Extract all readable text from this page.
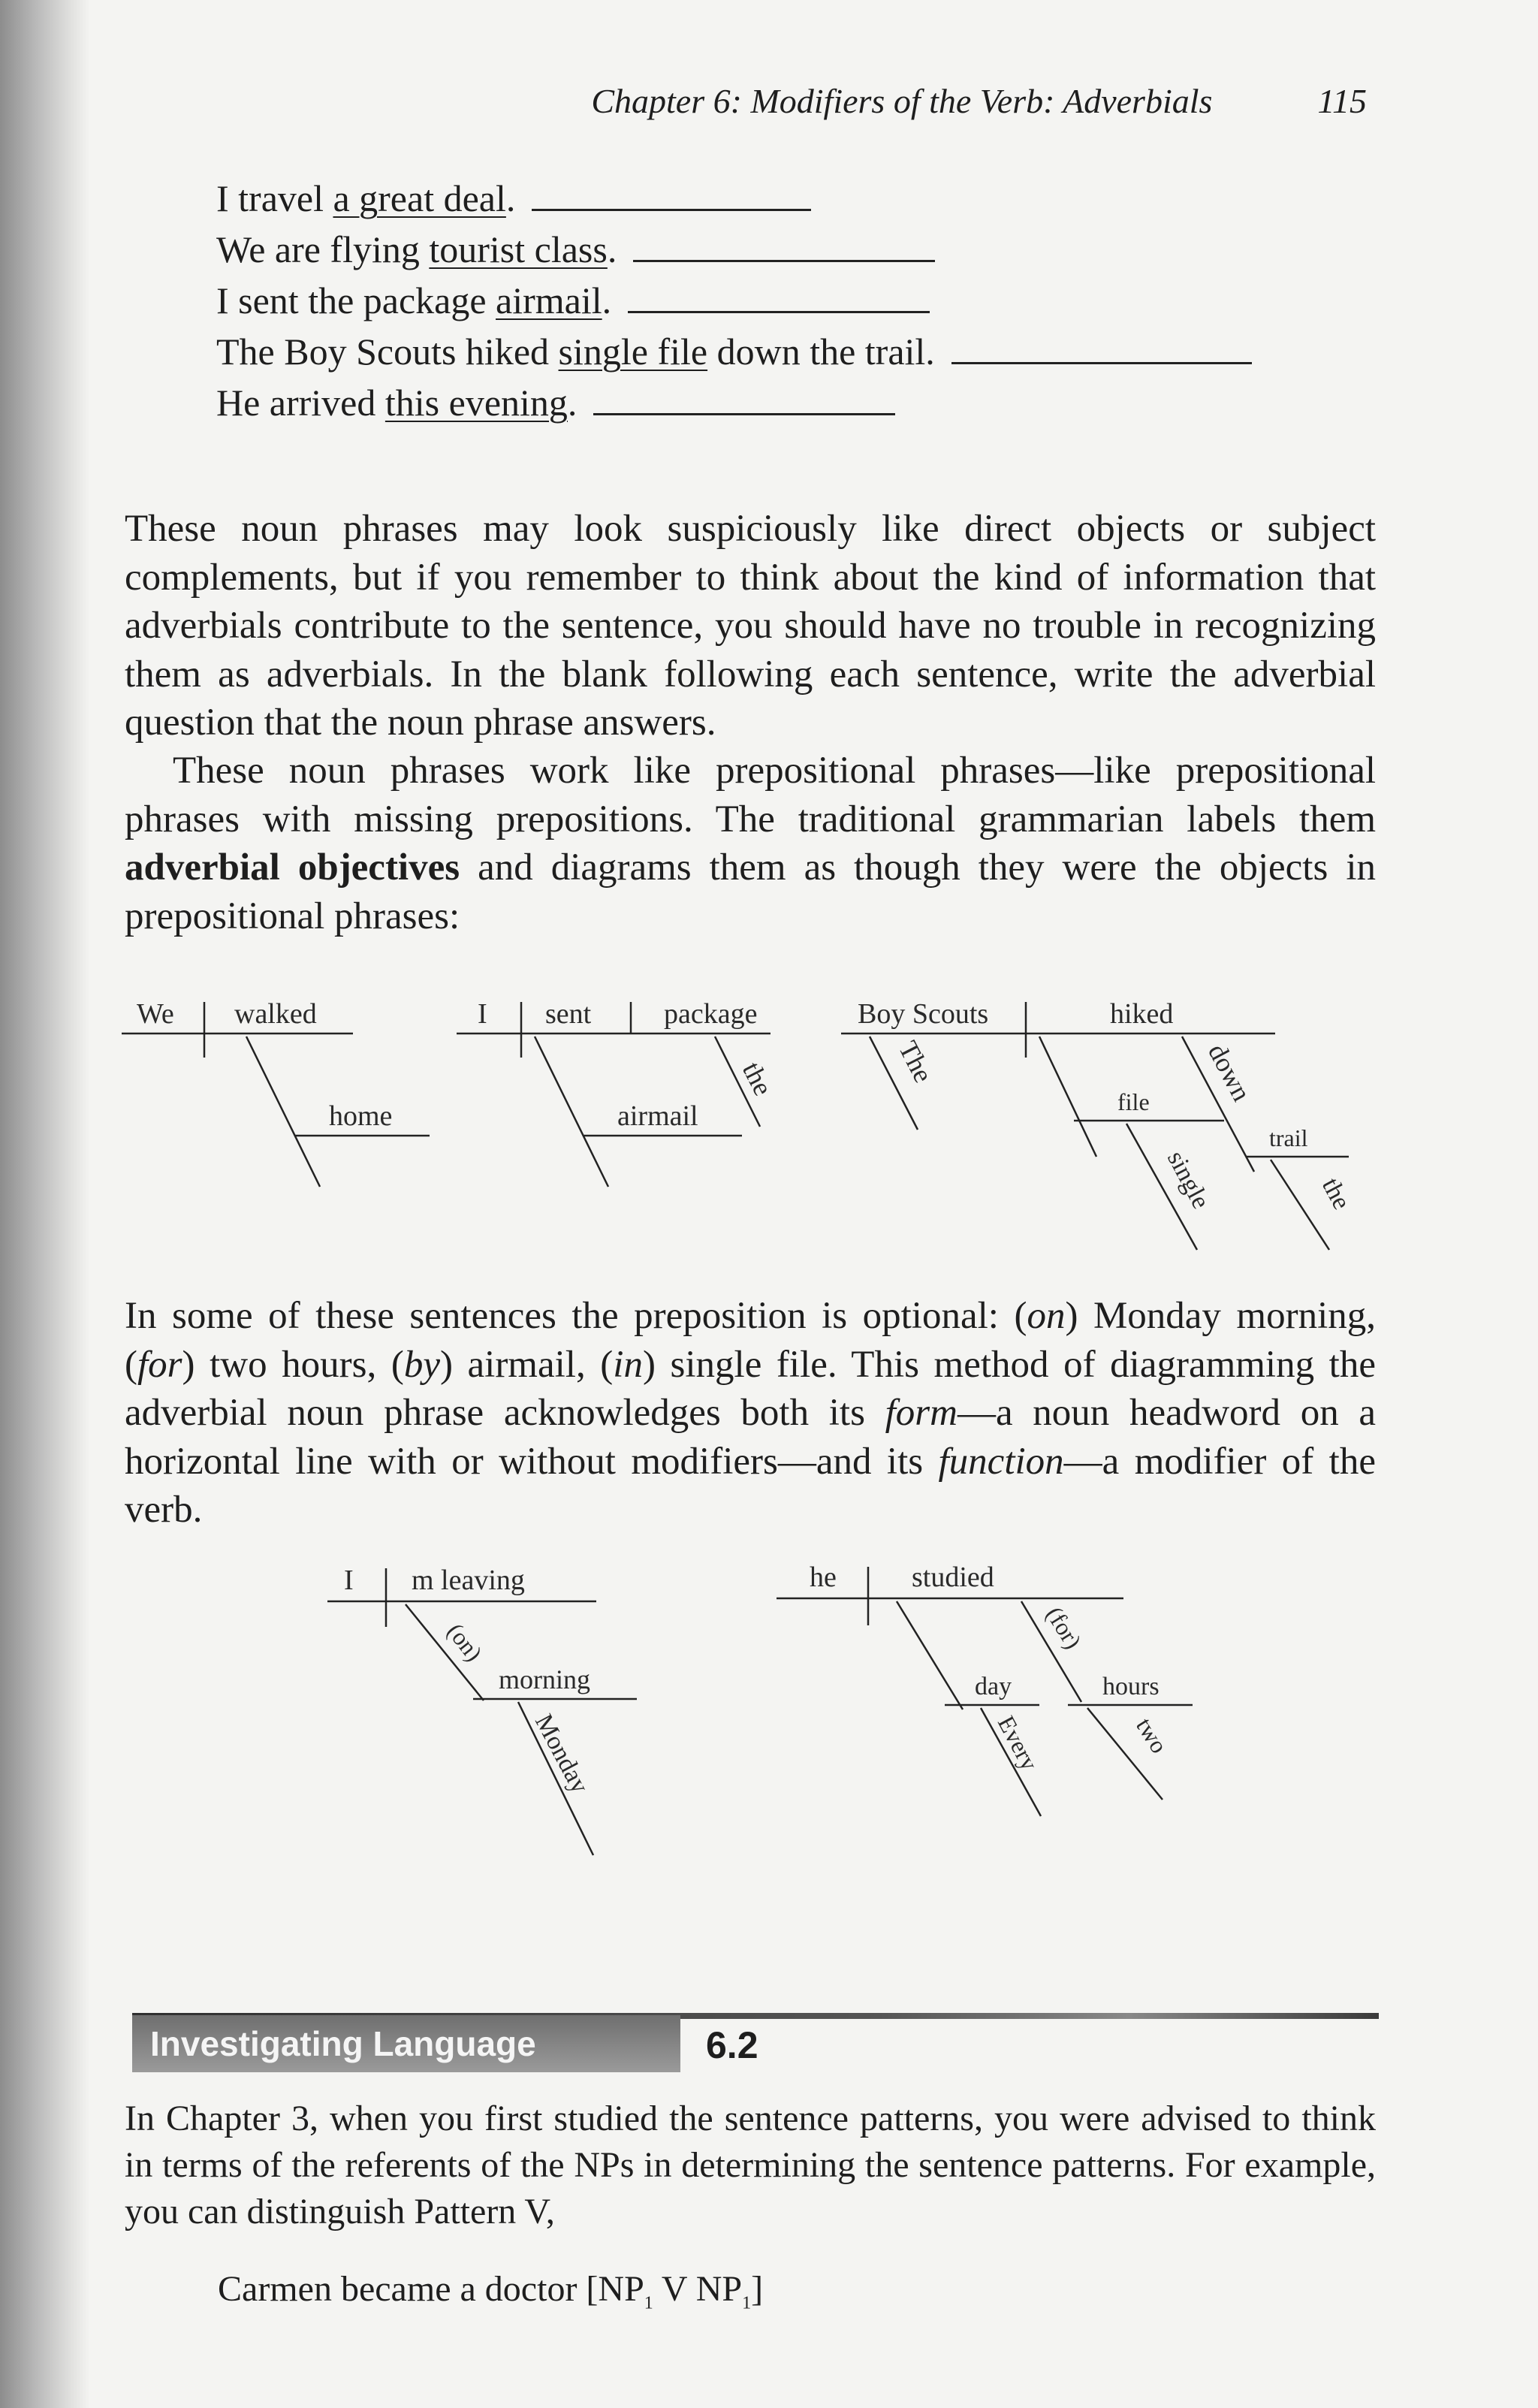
Chapter 6: Modifiers of the Verb: Adverbials	115
I travel a great deal.
We are flying tourist class.
I sent the package airmail.
The Boy Scouts hiked single file down the trail.
He arrived this evening.

These noun phrases may look suspiciously like direct objects or subject complements, but if you remember to think about the kind of information that adverbials contribute to the sentence, you should have no trouble in recognizing them as adverbials. In the blank following each sentence, write the adverbial question that the noun phrase answers.

These noun phrases work like prepositional phrases—like prepositional phrases with missing prepositions. The traditional grammarian labels them adverbial objectives and diagrams them as though they were the objects in prepositional phrases:

We walked
home
I sent	package
the
airmail
Boy Scouts	hiked
The
file
single
down
trail
the

In some of these sentences the preposition is optional: (on) Monday morning, (for) two hours, (by) airmail, (in) single file. This method of diagramming the adverbial noun phrase acknowledges both its form—a noun headword on a horizontal line with or without modifiers—and its function—a modifier of the verb.

I m leaving
(on)
morning
Monday
he	studied
day
Every
(for)
hours
two
Investigating Language	6.2

In Chapter 3, when you first studied the sentence patterns, you were advised to think in terms of the referents of the NPs in determining the sentence patterns. For example, you can distinguish Pattern V,

Carmen became a doctor [$NP_1$ V $NP_1$]
